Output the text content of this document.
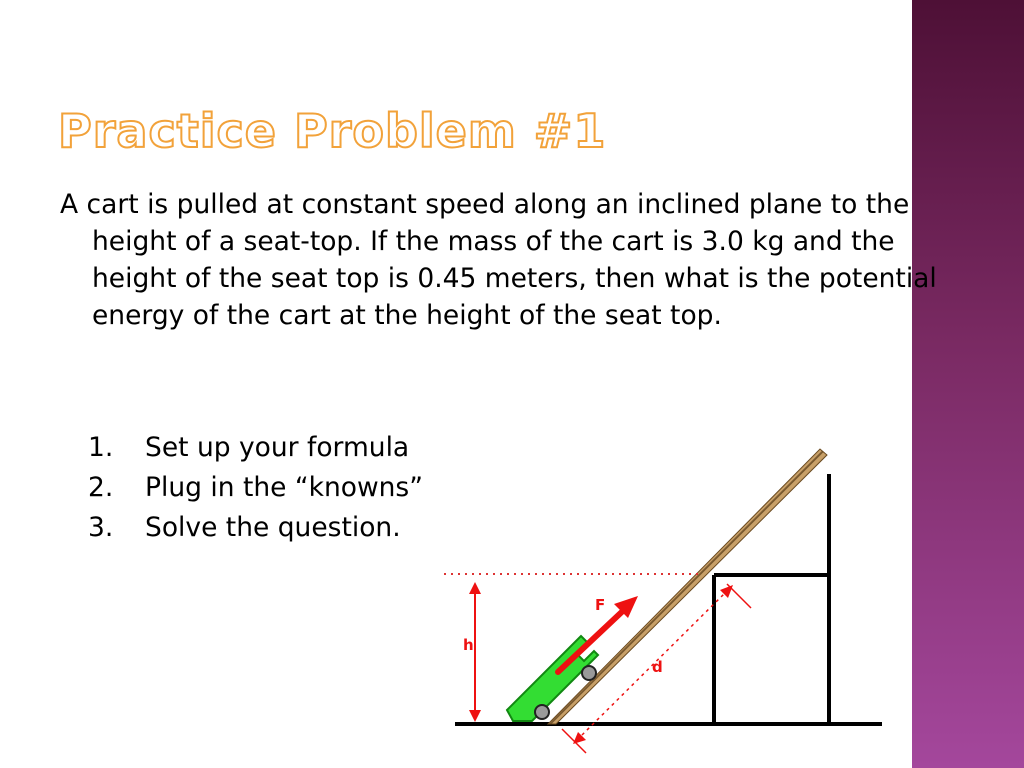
Practice Problem #1

A cart is pulled at constant speed along an inclined plane to the height of a seat-top. If the mass of the cart is 3.0 kg and the height of the seat top is 0.45 meters, then what is the potential energy of the cart at the height of the seat top.

1.	Set up your formula
2.	Plug in the “knowns”
3.	Solve the question.
h
d
F
